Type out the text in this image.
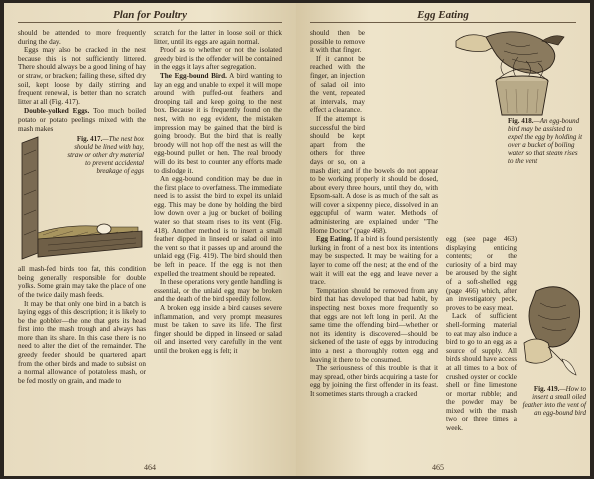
Plan for Poultry

should be attended to more frequently during the day.

Eggs may also be cracked in the nest because this is not sufficiently littered. There should always be a good lining of hay or straw, or bracken; failing these, sifted dry soil, kept loose by daily stirring and frequent renewal, is better than no scratch litter at all (Fig. 417).

Double-yolked Eggs. Too much boiled potato or potato peelings mixed with the mash makes

Fig. 417.—The nest box should be lined with hay, straw or other dry material to prevent accidental breakage of eggs

all mash-fed birds too fat, this condition being generally responsible for double yolks. Some grain may take the place of one of the twice daily mash feeds.

It may be that only one bird in a batch is laying eggs of this description; it is likely to be the gobbler—the one that gets its head first into the mash trough and always has more than its share. In this case there is no need to alter the diet of the remainder. The greedy feeder should be quartered apart from the other birds and made to subsist on a normal allowance of potatoless mash, or be fed mostly on grain, and made to

scratch for the latter in loose soil or thick litter, until its eggs are again normal.

Proof as to whether or not the isolated greedy bird is the offender will be contained in the eggs it lays after segregation.

The Egg-bound Bird. A bird wanting to lay an egg and unable to expel it will mope around with puffed-out feathers and drooping tail and keep going to the nest box. Because it is frequently found on the nest, with no egg evident, the mistaken impression may be gained that the bird is going broody. But the bird that is really broody will not hop off the nest as will the egg-bound pullet or hen. The real broody will do its best to counter any efforts made to dislodge it.

An egg-bound condition may be due in the first place to overfatness. The immediate need is to assist the bird to expel its unlaid egg. This may be done by holding the bird low down over a jug or bucket of boiling water so that steam rises to its vent (Fig. 418). Another method is to insert a small feather dipped in linseed or salad oil into the vent so that it passes up and around the unlaid egg (Fig. 419). The bird should then be left in peace. If the egg is not then expelled the treatment should be repeated.

In these operations very gentle handling is essential, or the unlaid egg may be broken and the death of the bird speedily follow.

A broken egg inside a bird causes severe inflammation, and very prompt measures must be taken to save its life. The first finger should be dipped in linseed or salad oil and inserted very carefully in the vent until the broken egg is felt; it

464
Egg Eating

should then be possible to remove it with that finger.

If it cannot be reached with the finger, an injection of salad oil into the vent, repeated at intervals, may effect a clearance.

If the attempt is successful the bird should be kept apart from the others for three days or so, on a mash diet; and if the bowels do not appear to be working properly it should be dosed, about every three hours, until they do, with Epsom-salt. A dose is as much of the salt as will cover a sixpenny piece, dissolved in an eggcupful of warm water. Methods of administering are explained under "The Home Doctor" (page 468).

Egg Eating. If a bird is found persistently lurking in front of a nest box its intentions may be suspected. It may be waiting for a layer to come off the nest; at the end of the wait it will eat the egg and leave never a trace.

Temptation should be removed from any bird that has developed that bad habit, by inspecting nest boxes more frequently so that eggs are not left long in peril. At the same time the offending bird—whether or not its identity is discovered—should be sickened of the taste of eggs by introducing into a nest a thoroughly rotten egg and leaving it there to be consumed.

The seriousness of this trouble is that it may spread, other birds acquiring a taste for egg by joining the first offender in its feast. It sometimes starts through a cracked

Fig. 418.—An egg-bound bird may be assisted to expel the egg by holding it over a bucket of boiling water so that steam rises to the vent

egg (see page 463) displaying enticing contents; or the curiosity of a bird may be aroused by the sight of a soft-shelled egg (page 466) which, after an investigatory peck, proves to be easy meat.

Lack of sufficient shell-forming material to eat may also induce a bird to go to an egg as a source of supply. All birds should have access at all times to a box of crushed oyster or cockle shell or fine limestone or mortar rubble; and the powder may be mixed with the mash two or three times a week.

Fig. 419.—How to insert a small oiled feather into the vent of an egg-bound bird
465
